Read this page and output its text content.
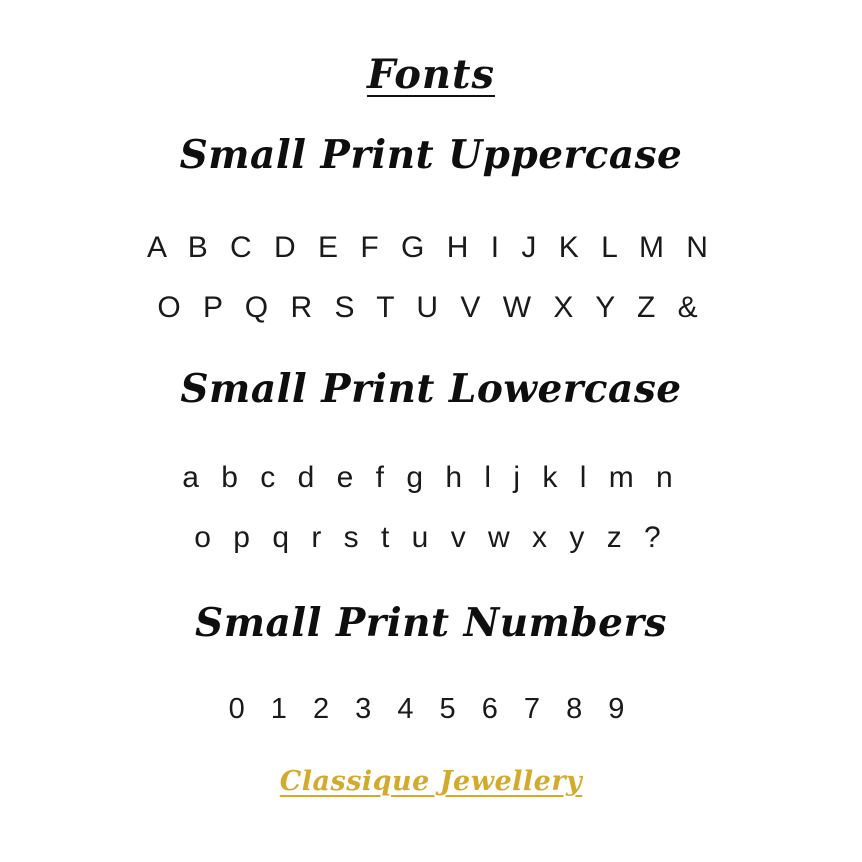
Fonts
Small Print Uppercase
A B C D E F G H I J K L M N
O P Q R S T U V W X Y Z &
Small Print Lowercase
a b c d e f g h l j k l m n
o p q r s t u v w x y z ?
Small Print Numbers
0 1 2 3 4 5 6 7 8 9
Classique Jewellery
